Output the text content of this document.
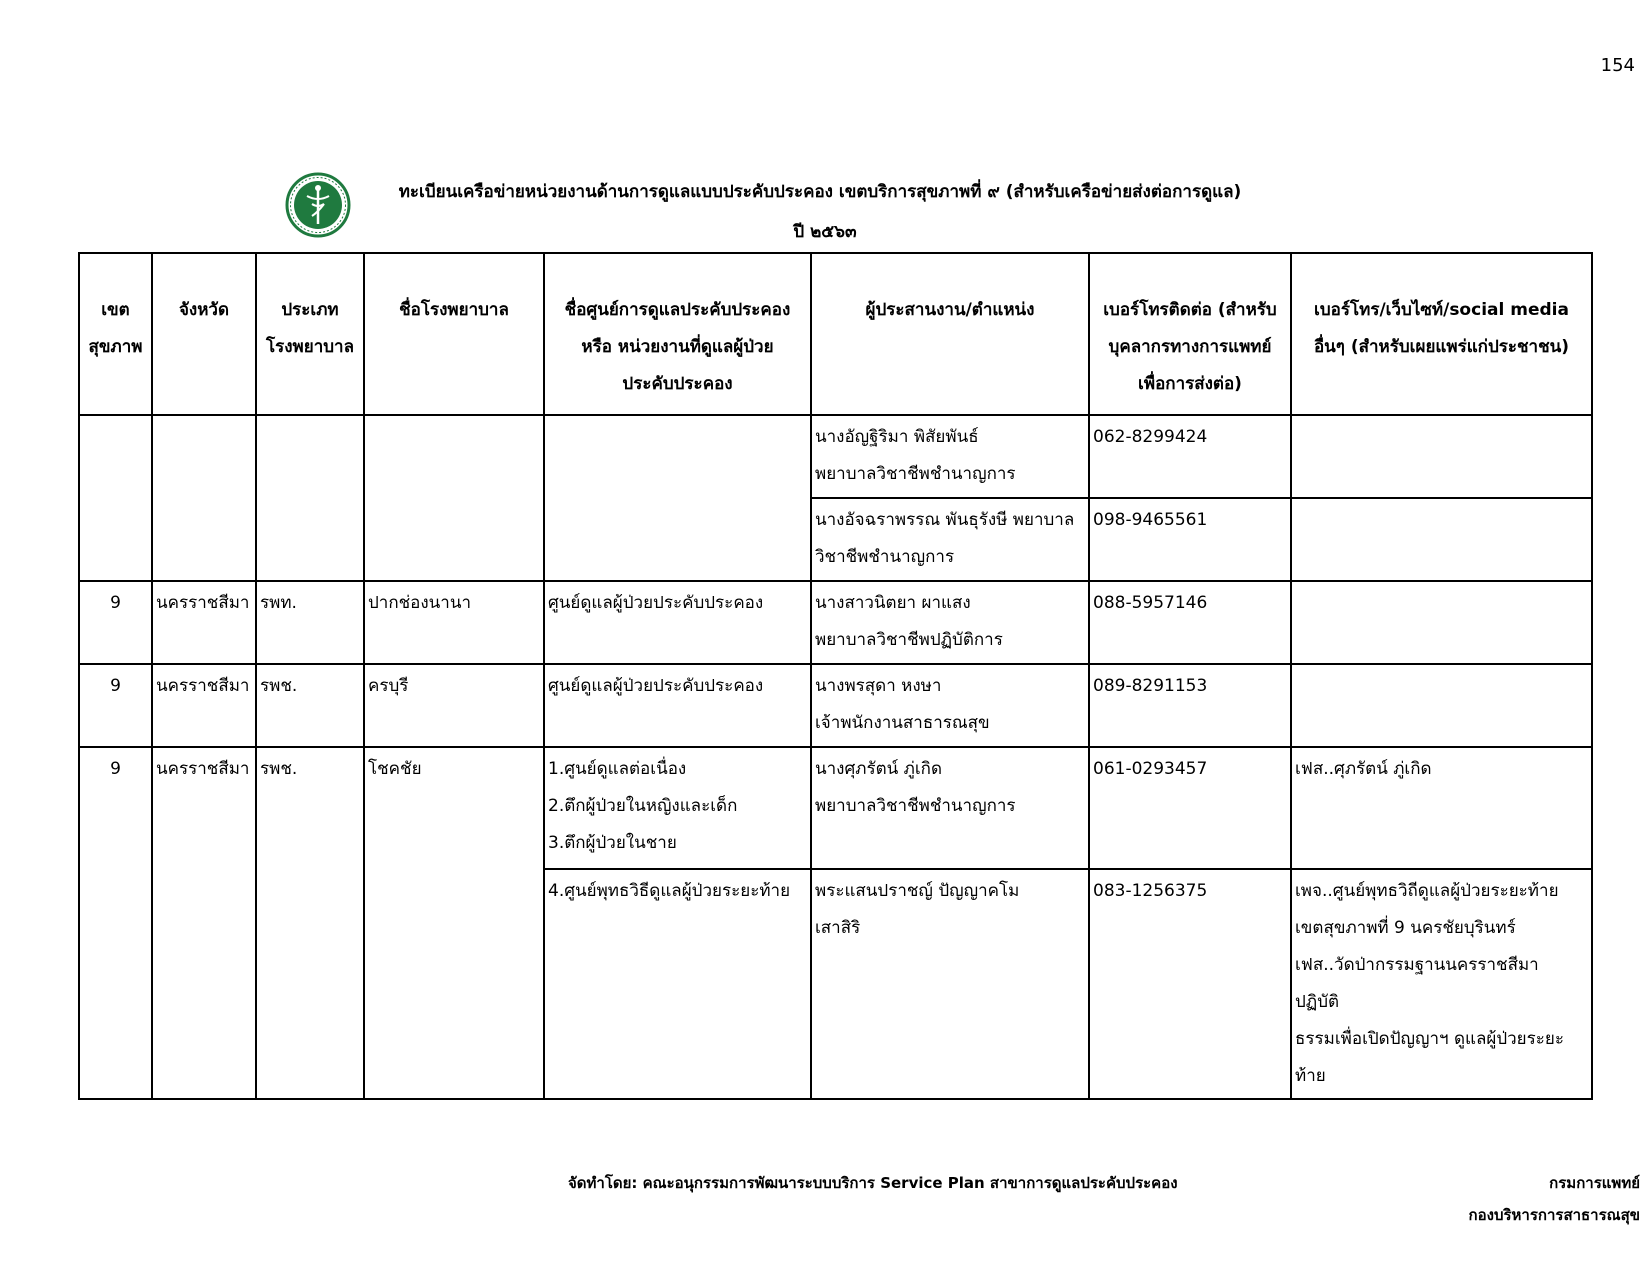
154
ทะเบียนเครือข่ายหน่วยงานด้านการดูแลแบบประคับประคอง เขตบริการสุขภาพที่ ๙ (สำหรับเครือข่ายส่งต่อการดูแล)
ปี ๒๕๖๓
เขต
สุขภาพ	จังหวัด	ประเภท
โรงพยาบาล	ชื่อโรงพยาบาล	ชื่อศูนย์การดูแลประคับประคอง
หรือ หน่วยงานที่ดูแลผู้ป่วย
ประคับประคอง	ผู้ประสานงาน/ตำแหน่ง	เบอร์โทรติดต่อ (สำหรับ
บุคลากรทางการแพทย์
เพื่อการส่งต่อ)	เบอร์โทร/เว็บไซท์/social media
อื่นๆ (สำหรับเผยแพร่แก่ประชาชน)

					นางอัญฐิริมา พิสัยพันธ์
พยาบาลวิชาชีพชำนาญการ	062-8299424	

					นางอัจฉราพรรณ พันธุรังษี พยาบาล
วิชาชีพชำนาญการ	098-9465561	
9	นครราชสีมา	รพท.	ปากช่องนานา	ศูนย์ดูแลผู้ป่วยประคับประคอง	นางสาวนิตยา ผาแสง
พยาบาลวิชาชีพปฏิบัติการ	088-5957146	
9	นครราชสีมา	รพช.	ครบุรี	ศูนย์ดูแลผู้ป่วยประคับประคอง	นางพรสุดา หงษา
เจ้าพนักงานสาธารณสุข	089-8291153	
9	นครราชสีมา	รพช.	โชคชัย	1.ศูนย์ดูแลต่อเนื่อง
2.ตึกผู้ป่วยในหญิงและเด็ก
3.ตึกผู้ป่วยในชาย	นางศุภรัตน์ ภู่เกิด
พยาบาลวิชาชีพชำนาญการ	061-0293457	เฟส..ศุภรัตน์ ภู่เกิด

				4.ศูนย์พุทธวิธีดูแลผู้ป่วยระยะท้าย	พระแสนปราชญ์ ปัญญาคโม
เสาสิริ	083-1256375	เพจ..ศูนย์พุทธวิถีดูแลผู้ป่วยระยะท้าย
เขตสุขภาพที่ 9 นครชัยบุรินทร์
เฟส..วัดป่ากรรมฐานนครราชสีมา ปฏิบัติ
ธรรมเพื่อเปิดปัญญาฯ ดูแลผู้ป่วยระยะ
ท้าย
จัดทำโดย: คณะอนุกรรมการพัฒนาระบบบริการ Service Plan สาขาการดูแลประคับประคอง	กรมการแพทย์
กองบริหารการสาธารณสุข
